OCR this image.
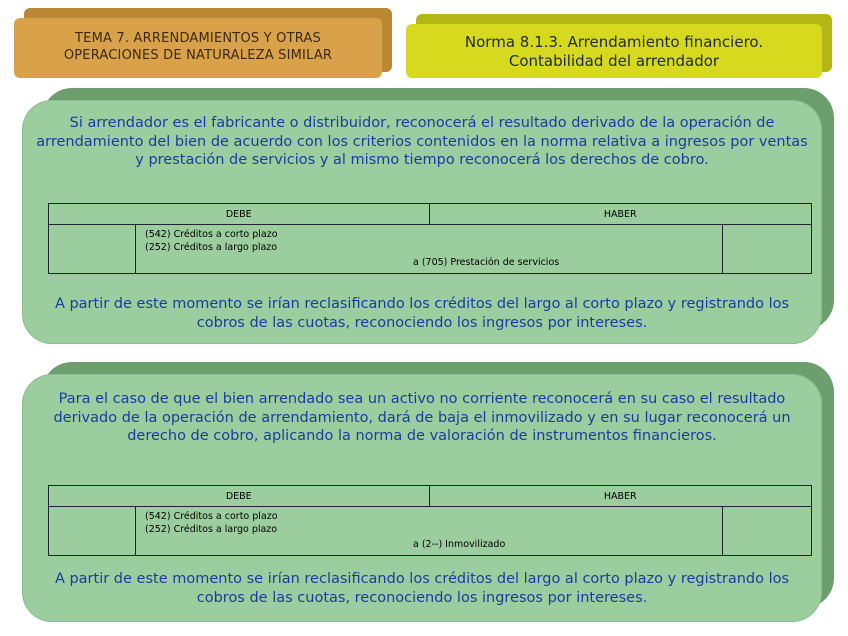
TEMA 7. ARRENDAMIENTOS Y OTRAS
OPERACIONES DE NATURALEZA SIMILAR
Norma 8.1.3. Arrendamiento financiero.
Contabilidad del arrendador
Si arrendador es el fabricante o distribuidor, reconocerá el resultado derivado de la operación de arrendamiento del bien de acuerdo con los criterios contenidos en la norma relativa a ingresos por ventas y prestación de servicios y al mismo tiempo reconocerá los derechos de cobro.
DEBE		HABER	

	(542) Créditos a corto plazo
(252) Créditos a largo plazo
a (705) Prestación de servicios		

A partir de este momento se irían reclasificando los créditos del largo al corto plazo y registrando los cobros de las cuotas, reconociendo los ingresos por intereses.
Para el caso de que el bien arrendado sea un activo no corriente reconocerá en su caso el resultado derivado de la operación de arrendamiento, dará de baja el inmovilizado y en su lugar reconocerá un derecho de cobro, aplicando la norma de valoración de instrumentos financieros.
DEBE		HABER	

	(542) Créditos a corto plazo
(252) Créditos a largo plazo
a (2--) Inmovilizado		

A partir de este momento se irían reclasificando los créditos del largo al corto plazo y registrando los cobros de las cuotas, reconociendo los ingresos por intereses.
